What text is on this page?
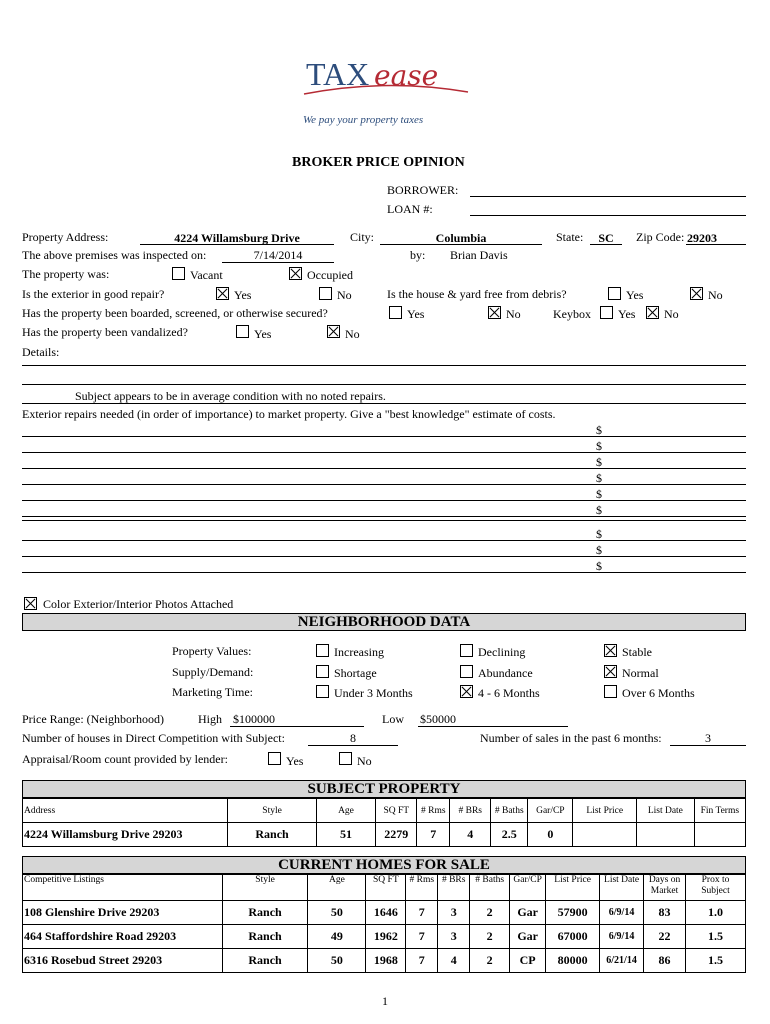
TAX ease
We pay your property taxes
BROKER PRICE OPINION
BORROWER:
LOAN #:
Property Address:	4224 Willamsburg Drive	City:	Columbia	State:	SC	Zip Code: 29203
The above premises was inspected on:	7/14/2014	by: Brian Davis
The property was:	Vacant	Occupied
Is the exterior in good repair?	Yes	No	Is the house & yard free from debris?	Yes	No
Has the property been boarded, screened, or otherwise secured?	Yes	No	Keybox Yes No
Has the property been vandalized?	Yes	No
Details:
Subject appears to be in average condition with no noted repairs.
Exterior repairs needed (in order of importance) to market property. Give a "best knowledge" estimate of costs.
$
$
$
$
$
$
$
$
$
Color Exterior/Interior Photos Attached
NEIGHBORHOOD DATA
Property Values:	Increasing	Declining	Stable
Supply/Demand:	Shortage	Abundance	Normal
Marketing Time:	Under 3 Months	4 - 6 Months	Over 6 Months
Price Range: (Neighborhood)	High $100000	Low $50000
Number of houses in Direct Competition with Subject:	8	Number of sales in the past 6 months:	3
Appraisal/Room count provided by lender:	Yes	No
SUBJECT PROPERTY
Address	Style	Age	SQ FT	# Rms	# BRs	# Baths	Gar/CP	List Price	List Date	Fin Terms
4224 Willamsburg Drive 29203	Ranch	51	2279	7	4	2.5	0			
CURRENT HOMES FOR SALE
Competitive Listings	Style	Age	SQ FT	# Rms	# BRs	# Baths	Gar/CP	List Price	List Date	Days on Market	Prox to Subject
108 Glenshire Drive 29203	Ranch	50	1646	7	3	2	Gar	57900	6/9/14	83	1.0
464 Staffordshire Road 29203	Ranch	49	1962	7	3	2	Gar	67000	6/9/14	22	1.5
6316 Rosebud Street 29203	Ranch	50	1968	7	4	2	CP	80000	6/21/14	86	1.5
1
